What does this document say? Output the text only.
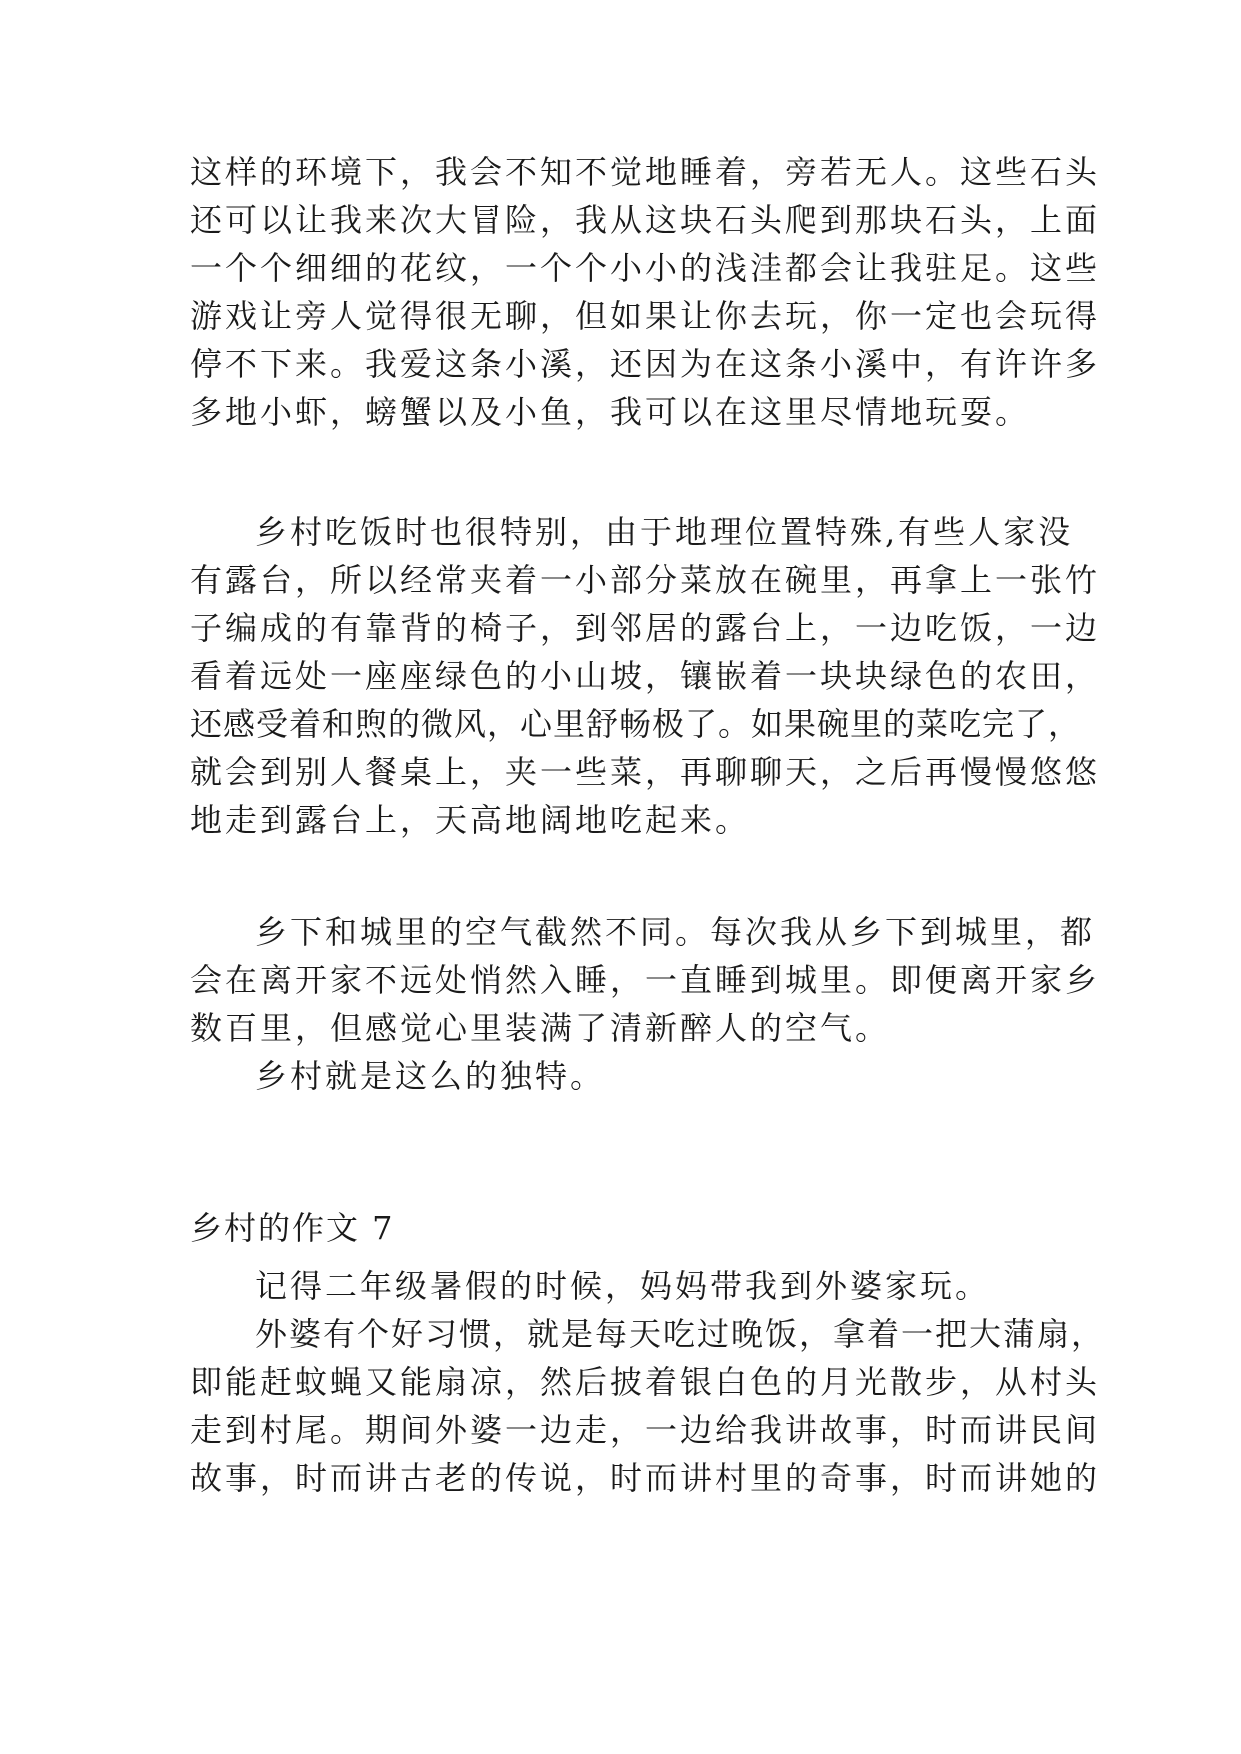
这样的环境下，我会不知不觉地睡着，旁若无人。这些石头
还可以让我来次大冒险，我从这块石头爬到那块石头，上面
一个个细细的花纹，一个个小小的浅洼都会让我驻足。这些
游戏让旁人觉得很无聊，但如果让你去玩，你一定也会玩得
停不下来。我爱这条小溪，还因为在这条小溪中，有许许多
多地小虾，螃蟹以及小鱼，我可以在这里尽情地玩耍。
乡村吃饭时也很特别，由于地理位置特殊,有些人家没
有露台，所以经常夹着一小部分菜放在碗里，再拿上一张竹
子编成的有靠背的椅子，到邻居的露台上，一边吃饭，一边
看着远处一座座绿色的小山坡，镶嵌着一块块绿色的农田，
还感受着和煦的微风，心里舒畅极了。如果碗里的菜吃完了，
就会到别人餐桌上，夹一些菜，再聊聊天，之后再慢慢悠悠
地走到露台上，天高地阔地吃起来。
乡下和城里的空气截然不同。每次我从乡下到城里，都
会在离开家不远处悄然入睡，一直睡到城里。即便离开家乡
数百里，但感觉心里装满了清新醉人的空气。
乡村就是这么的独特。
乡村的作文 7
记得二年级暑假的时候，妈妈带我到外婆家玩。
外婆有个好习惯，就是每天吃过晚饭，拿着一把大蒲扇，
即能赶蚊蝇又能扇凉，然后披着银白色的月光散步，从村头
走到村尾。期间外婆一边走，一边给我讲故事，时而讲民间
故事，时而讲古老的传说，时而讲村里的奇事，时而讲她的
